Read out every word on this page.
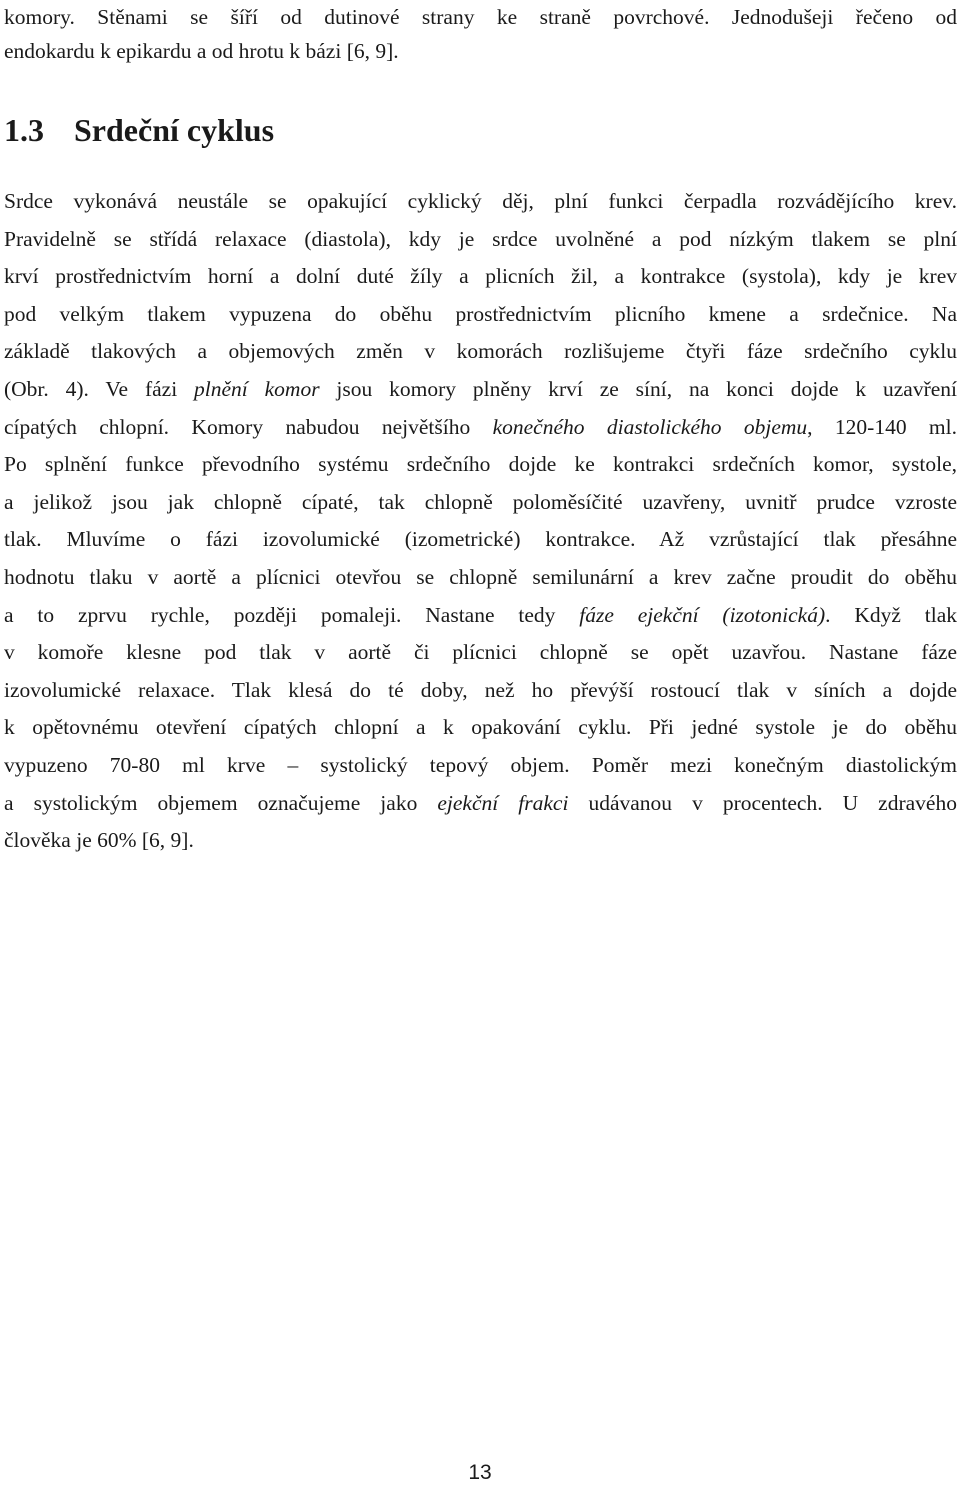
komory. Stěnami se šíří od dutinové strany ke straně povrchové. Jednodušeji řečeno od
endokardu k epikardu a od hrotu k bázi [6, 9].
1.3 Srdeční cyklus
Srdce vykonává neustále se opakující cyklický děj, plní funkci čerpadla rozvádějícího krev.
Pravidelně se střídá relaxace (diastola), kdy je srdce uvolněné a pod nízkým tlakem se plní
krví prostřednictvím horní a dolní duté žíly a plicních žil, a kontrakce (systola), kdy je krev
pod velkým tlakem vypuzena do oběhu prostřednictvím plicního kmene a srdečnice. Na
základě tlakových a objemových změn v komorách rozlišujeme čtyři fáze srdečního cyklu
(Obr. 4). Ve fázi plnění komor jsou komory plněny krví ze síní, na konci dojde k uzavření
cípatých chlopní. Komory nabudou největšího konečného diastolického objemu, 120-140 ml.
Po splnění funkce převodního systému srdečního dojde ke kontrakci srdečních komor, systole,
a jelikož jsou jak chlopně cípaté, tak chlopně poloměsíčité uzavřeny, uvnitř prudce vzroste
tlak. Mluvíme o fázi izovolumické (izometrické) kontrakce. Až vzrůstající tlak přesáhne
hodnotu tlaku v aortě a plícnici otevřou se chlopně semilunární a krev začne proudit do oběhu
a to zprvu rychle, později pomaleji. Nastane tedy fáze ejekční (izotonická). Když tlak
v komoře klesne pod tlak v aortě či plícnici chlopně se opět uzavřou. Nastane fáze
izovolumické relaxace. Tlak klesá do té doby, než ho převýší rostoucí tlak v síních a dojde
k opětovnému otevření cípatých chlopní a k opakování cyklu. Při jedné systole je do oběhu
vypuzeno 70-80 ml krve – systolický tepový objem. Poměr mezi konečným diastolickým
a systolickým objemem označujeme jako ejekční frakci udávanou v procentech. U zdravého
člověka je 60% [6, 9].
13
